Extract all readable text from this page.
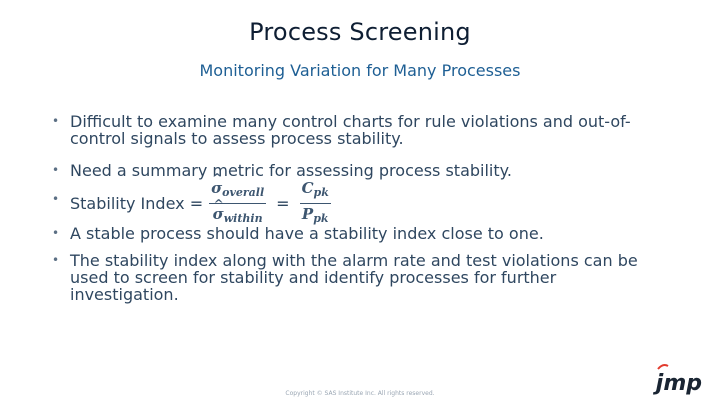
Process Screening
Monitoring Variation for Many Processes
• Difficult to examine many control charts for rule violations and out-of-control signals to assess process stability.
• Need a summary metric for assessing process stability.
• Stability Index =
^ $\sigma_{overall}$
^ $\sigma_{within} = \frac{C_{pk}}{P_{pk}}$
• A stable process should have a stability index close to one.
• The stability index along with the alarm rate and test violations can be used to screen for stability and identify processes for further investigation.
Copyright © SAS Institute Inc. All rights reserved.	jmp
